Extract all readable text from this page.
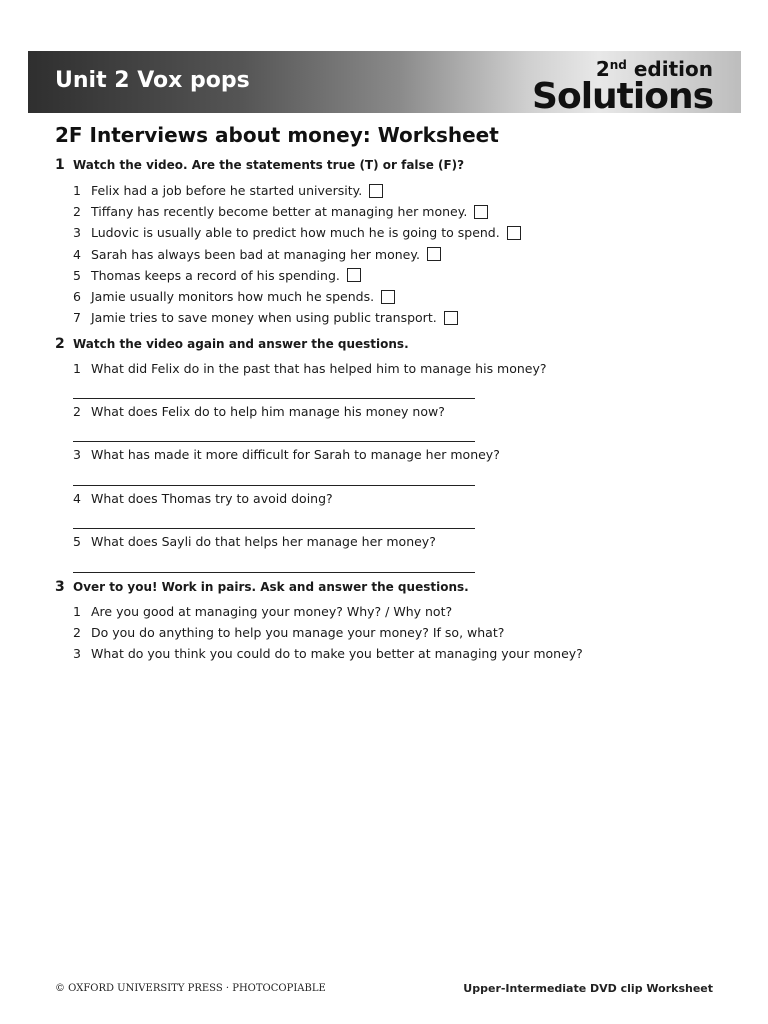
Unit 2 Vox pops	2nd edition
Solutions
2F Interviews about money: Worksheet
1 Watch the video. Are the statements true (T) or false (F)?
1 Felix had a job before he started university.
2 Tiffany has recently become better at managing her money.
3 Ludovic is usually able to predict how much he is going to spend.
4 Sarah has always been bad at managing her money.
5 Thomas keeps a record of his spending.
6 Jamie usually monitors how much he spends.
7 Jamie tries to save money when using public transport.
2 Watch the video again and answer the questions.
1 What did Felix do in the past that has helped him to manage his money?
2 What does Felix do to help him manage his money now?
3 What has made it more difficult for Sarah to manage her money?
4 What does Thomas try to avoid doing?
5 What does Sayli do that helps her manage her money?
3 Over to you! Work in pairs. Ask and answer the questions.
1 Are you good at managing your money? Why? / Why not?
2 Do you do anything to help you manage your money? If so, what?
3 What do you think you could do to make you better at managing your money?
© OXFORD UNIVERSITY PRESS · PHOTOCOPIABLE	Upper-Intermediate DVD clip Worksheet
